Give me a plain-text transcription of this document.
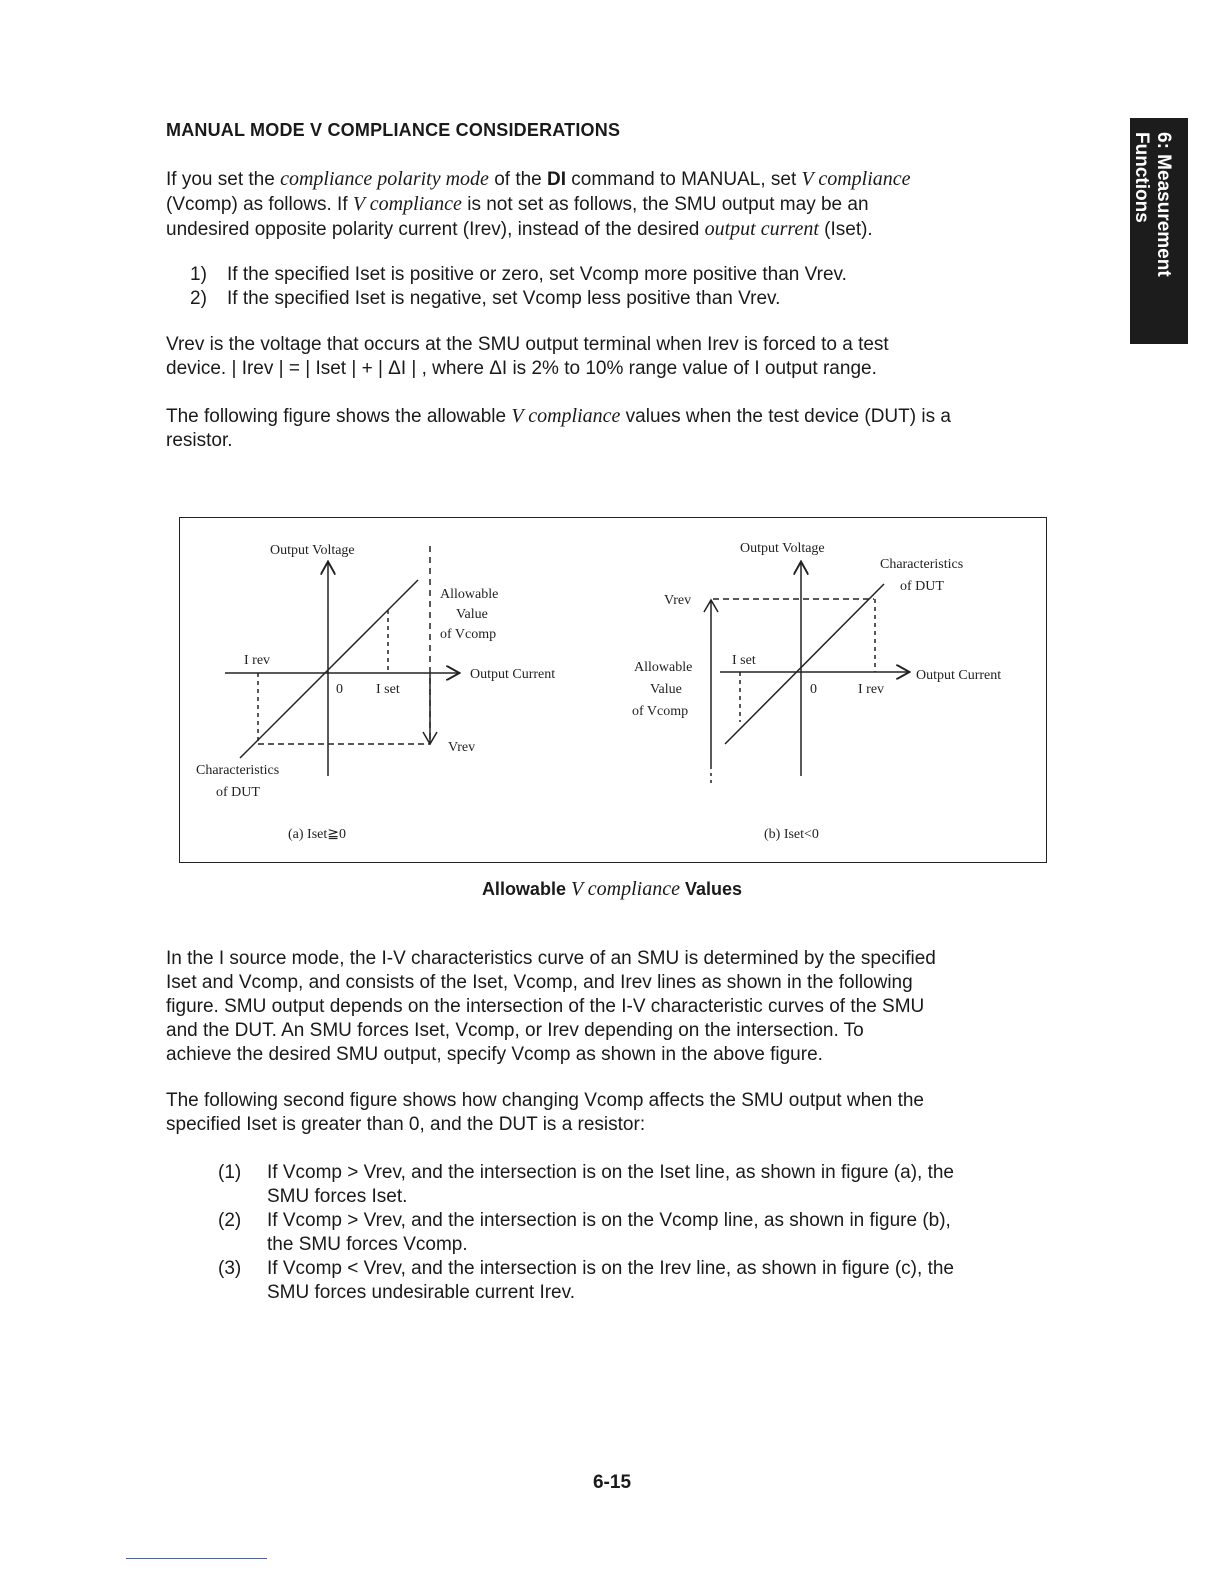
MANUAL MODE V COMPLIANCE CONSIDERATIONS
6: Measurement
Functions
If you set the compliance polarity mode of the DI command to MANUAL, set V compliance
(Vcomp) as follows. If V compliance is not set as follows, the SMU output may be an
undesired opposite polarity current (Irev), instead of the desired output current (Iset).
1) If the specified Iset is positive or zero, set Vcomp more positive than Vrev.
2) If the specified Iset is negative, set Vcomp less positive than Vrev.
Vrev is the voltage that occurs at the SMU output terminal when Irev is forced to a test
device. | Irev | = | Iset | + | ΔI | , where ΔI is 2% to 10% range value of I output range.
The following figure shows the allowable V compliance values when the test device (DUT) is a
resistor.
Output Voltage
Output Current
Allowable
Value
of Vcomp
I rev
0 I set
Vrev
Characteristics
of DUT
(a) Iset≧0
Output Voltage
Characteristics
of DUT
Vrev
Allowable
Value
of Vcomp
I set
0	I rev
Output Current
(b) Iset<0
Allowable V compliance Values
In the I source mode, the I-V characteristics curve of an SMU is determined by the specified
Iset and Vcomp, and consists of the Iset, Vcomp, and Irev lines as shown in the following
figure. SMU output depends on the intersection of the I-V characteristic curves of the SMU
and the DUT. An SMU forces Iset, Vcomp, or Irev depending on the intersection. To
achieve the desired SMU output, specify Vcomp as shown in the above figure.
The following second figure shows how changing Vcomp affects the SMU output when the
specified Iset is greater than 0, and the DUT is a resistor:
(1) If Vcomp > Vrev, and the intersection is on the Iset line, as shown in figure (a), the
SMU forces Iset.
(2) If Vcomp > Vrev, and the intersection is on the Vcomp line, as shown in figure (b),
the SMU forces Vcomp.
(3) If Vcomp < Vrev, and the intersection is on the Irev line, as shown in figure (c), the
SMU forces undesirable current Irev.
6-15
